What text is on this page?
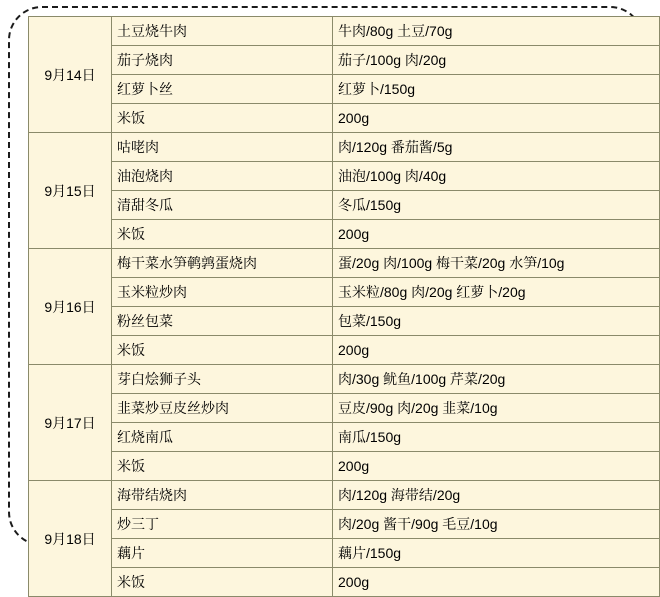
9月14日	土豆烧牛肉	牛肉/80g 土豆/70g
	茄子烧肉	茄子/100g 肉/20g
	红萝卜丝	红萝卜/150g
	米饭	200g
9月15日	咕咾肉	肉/120g 番茄酱/5g
	油泡烧肉	油泡/100g 肉/40g
	清甜冬瓜	冬瓜/150g
	米饭	200g
9月16日	梅干菜水笋鹌鹑蛋烧肉	蛋/20g 肉/100g 梅干菜/20g 水笋/10g
	玉米粒炒肉	玉米粒/80g 肉/20g 红萝卜/20g
	粉丝包菜	包菜/150g
	米饭	200g
9月17日	芽白烩狮子头	肉/30g 鱿鱼/100g 芹菜/20g
	韭菜炒豆皮丝炒肉	豆皮/90g 肉/20g 韭菜/10g
	红烧南瓜	南瓜/150g
	米饭	200g
9月18日	海带结烧肉	肉/120g 海带结/20g
	炒三丁	肉/20g 酱干/90g 毛豆/10g
	藕片	藕片/150g
	米饭	200g
